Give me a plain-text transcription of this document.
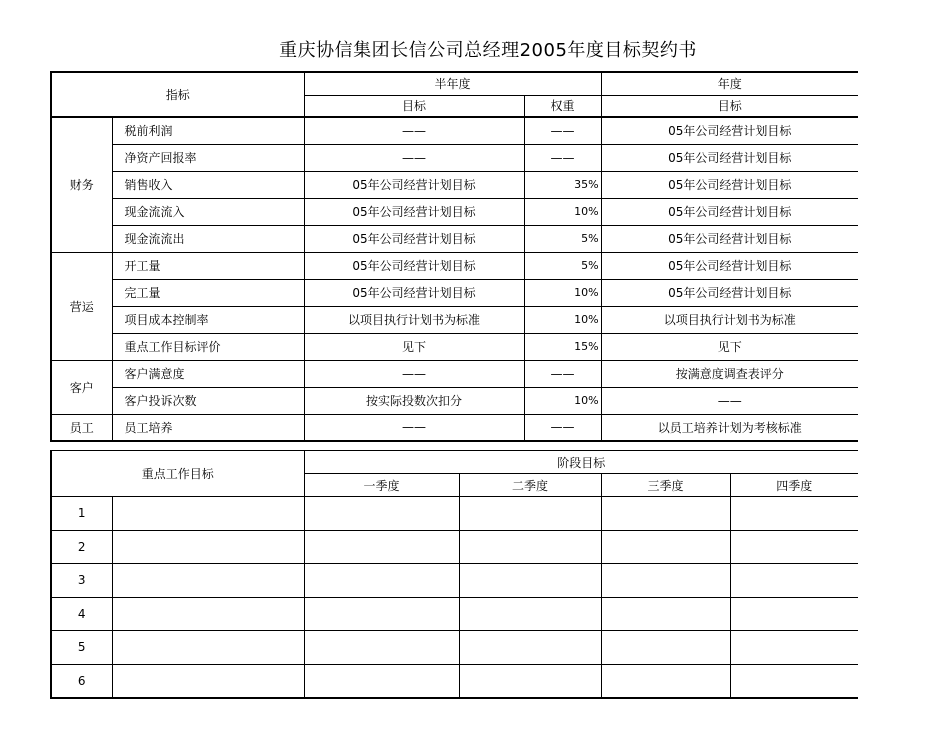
重庆协信集团长信公司总经理2005年度目标契约书
指标		半年度		年度
		目标	权重	目标
财务	税前利润	——	——	05年公司经营计划目标
	净资产回报率	——	——	05年公司经营计划目标
	销售收入	05年公司经营计划目标	35%	05年公司经营计划目标
	现金流流入	05年公司经营计划目标	10%	05年公司经营计划目标
	现金流流出	05年公司经营计划目标	5%	05年公司经营计划目标
营运	开工量	05年公司经营计划目标	5%	05年公司经营计划目标
	完工量	05年公司经营计划目标	10%	05年公司经营计划目标
	项目成本控制率	以项目执行计划书为标准	10%	以项目执行计划书为标准
	重点工作目标评价	见下	15%	见下
客户	客户满意度	——	——	按满意度调查表评分
	客户投诉次数	按实际投数次扣分	10%	——
员工	员工培养	——	——	以员工培养计划为考核标准
重点工作目标		阶段目标			
		一季度	二季度	三季度	四季度
1					
2					
3					
4					
5					
6					
